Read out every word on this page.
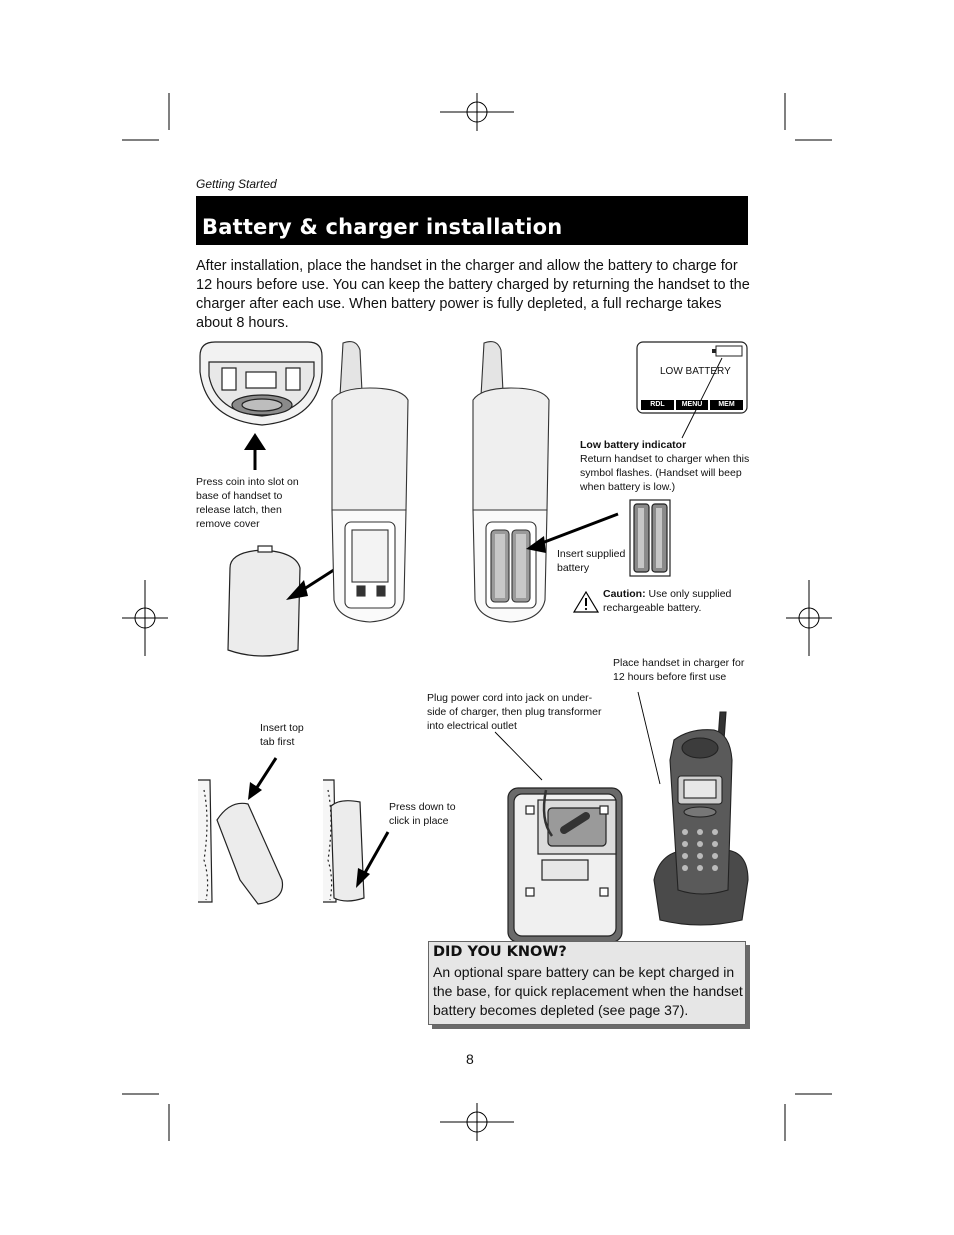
Getting Started
Battery & charger installation
After installation, place the handset in the charger and allow the battery to charge for 12 hours before use. You can keep the battery charged by returning the handset to the charger after each use. When battery power is fully depleted, a full recharge takes about 8 hours.
LOW BATTERY
RDL	MENU	MEM
Press coin into slot on base of handset to release latch, then remove cover
Low battery indicator
Return handset to charger when this symbol flashes. (Handset will beep when battery is low.)
Insert supplied battery
Caution: Use only supplied rechargeable battery.
Place handset in charger for 12 hours before first use
Plug power cord into jack on under-side of charger, then plug transformer into electrical outlet
Insert top tab first
Press down to click in place
DID YOU KNOW?
An optional spare battery can be kept charged in the base, for quick replacement when the handset battery becomes depleted (see page 37).
8
